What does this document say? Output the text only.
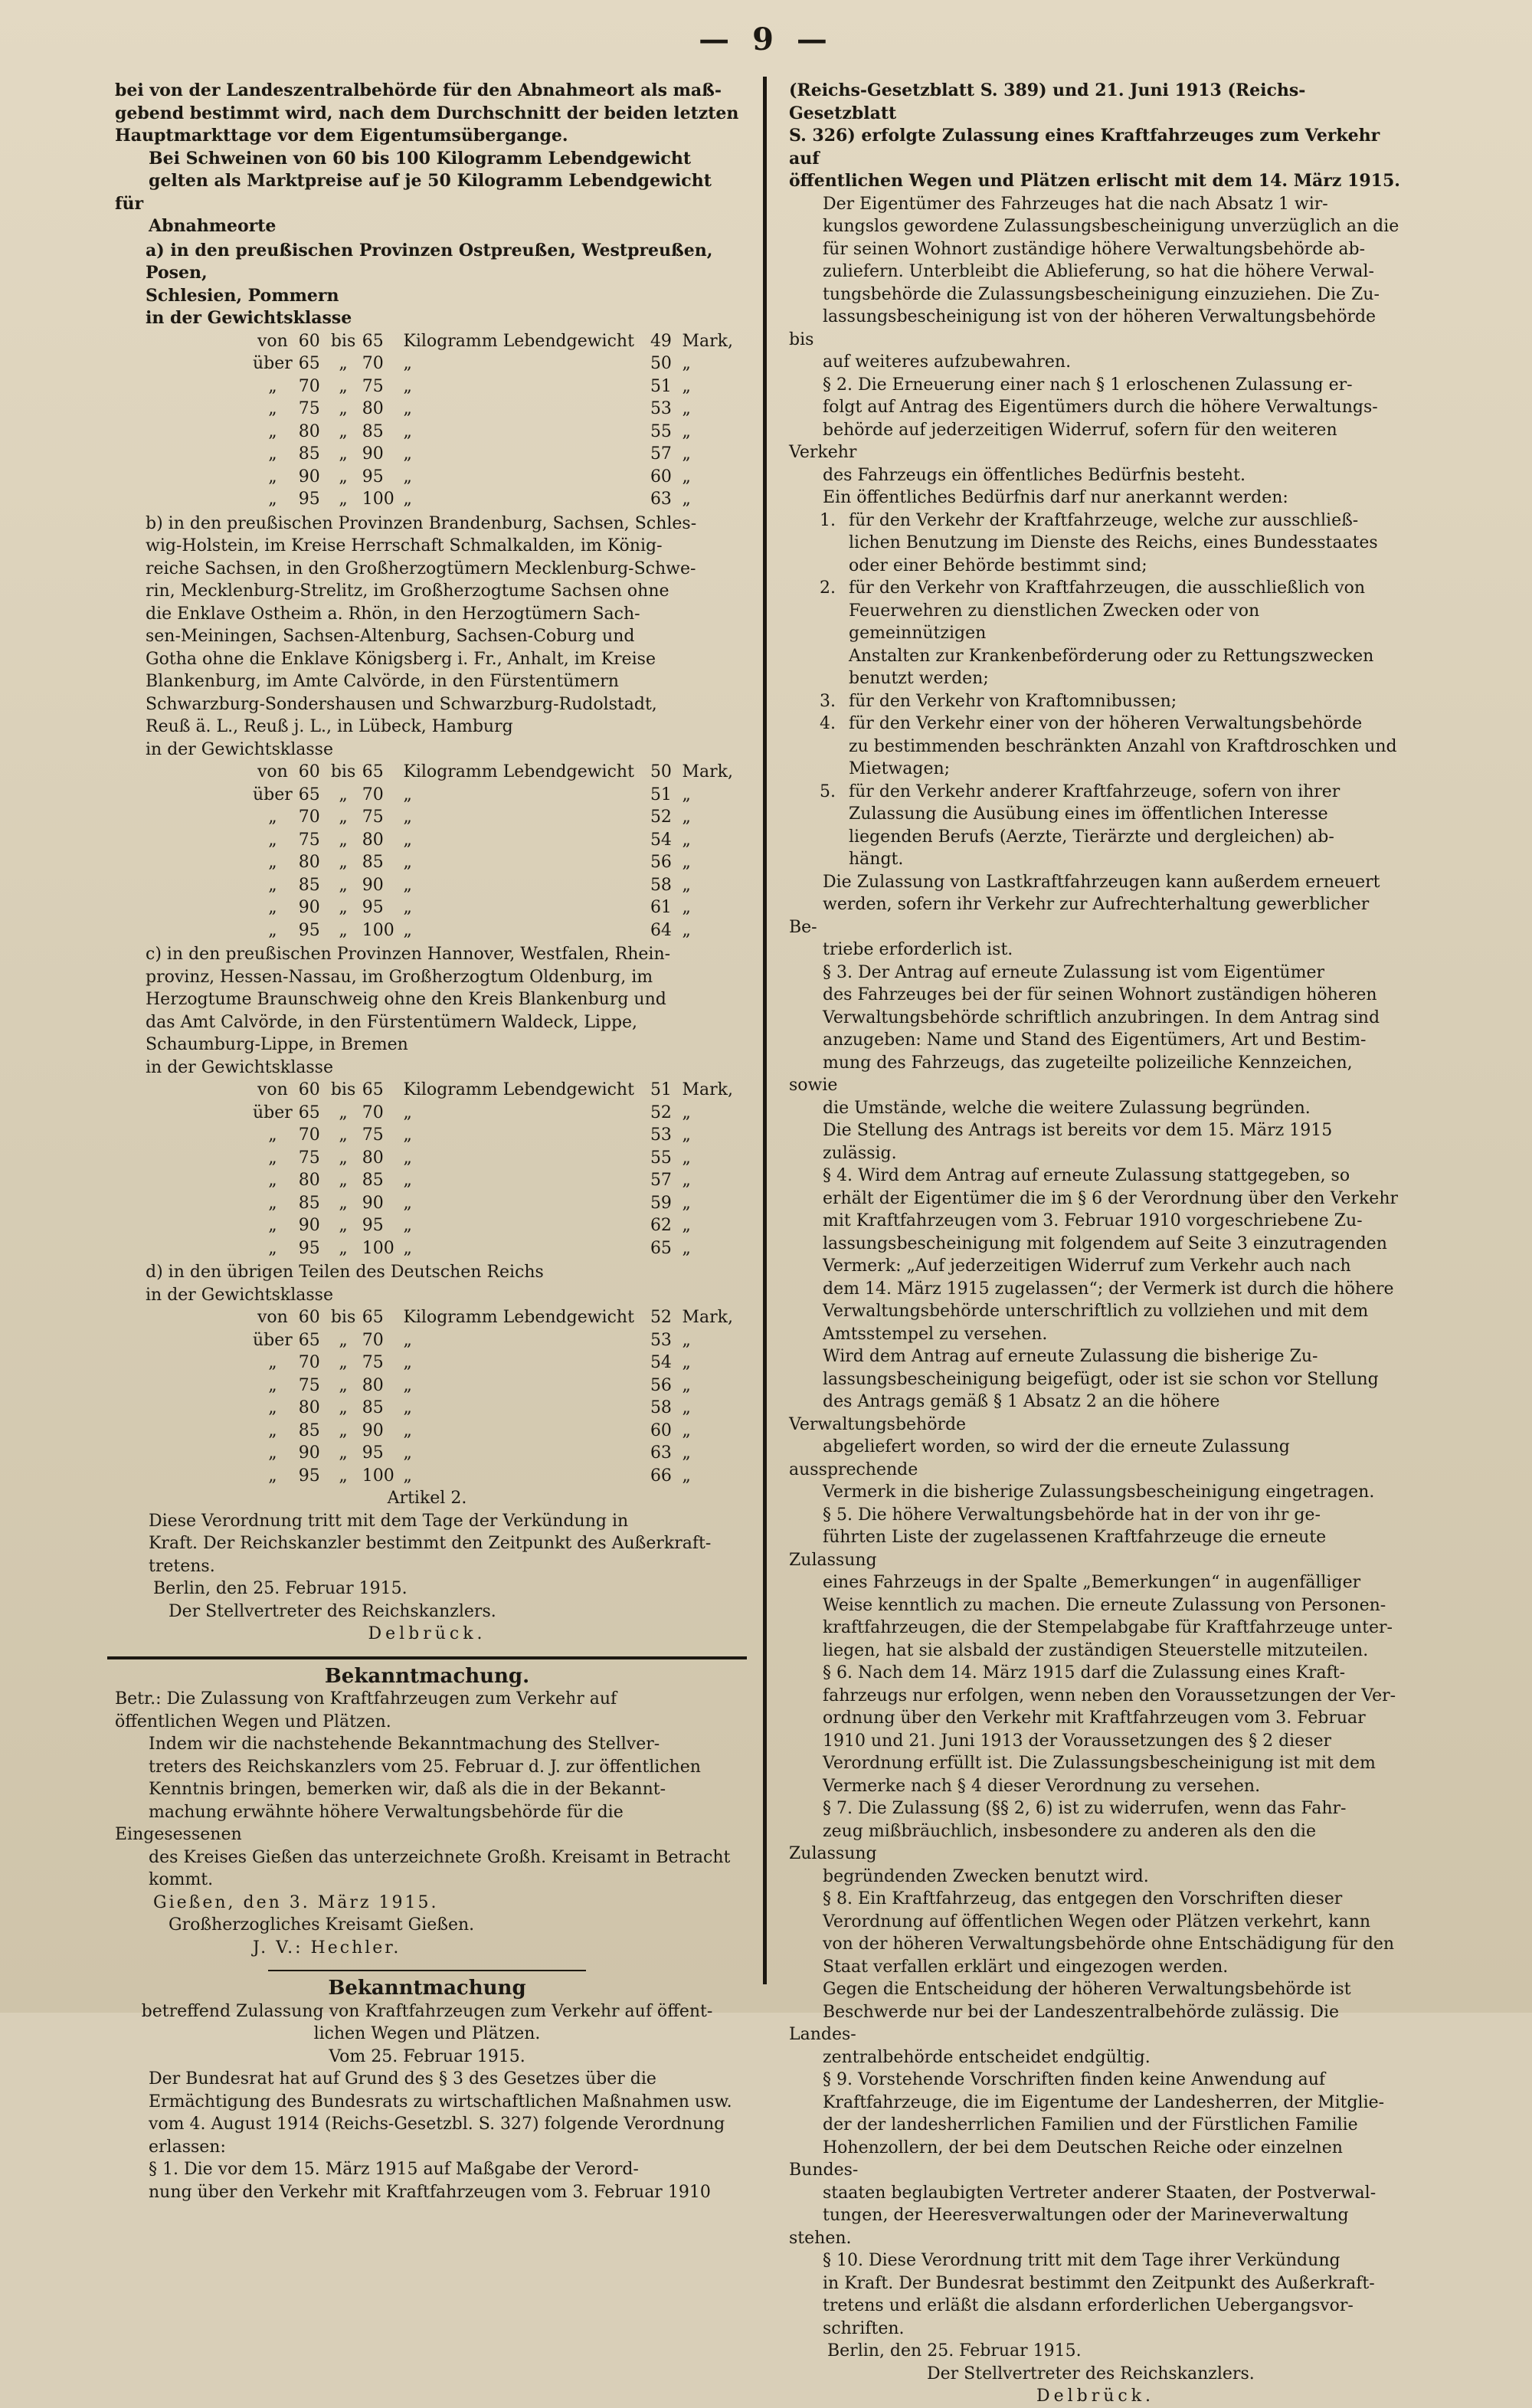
— 9 —
bei von der Landeszentralbehörde für den Abnahmeort als maß-
gebend bestimmt wird, nach dem Durchschnitt der beiden letzten
Hauptmarkttage vor dem Eigentumsübergange.
Bei Schweinen von 60 bis 100 Kilogramm Lebendgewicht
gelten als Marktpreise auf je 50 Kilogramm Lebendgewicht für
Abnahmeorte
a) in den preußischen Provinzen Ostpreußen, Westpreußen, Posen,
Schlesien, Pommern
in der Gewichtsklasse
von	60	bis	65	Kilogramm Lebendgewicht	49	Mark,
über	65	„	70	„	50	„
„	70	„	75	„	51	„
„	75	„	80	„	53	„
„	80	„	85	„	55	„
„	85	„	90	„	57	„
„	90	„	95	„	60	„
„	95	„	100	„	63	„
b) in den preußischen Provinzen Brandenburg, Sachsen, Schles-
wig-Holstein, im Kreise Herrschaft Schmalkalden, im König-
reiche Sachsen, in den Großherzogtümern Mecklenburg-Schwe-
rin, Mecklenburg-Strelitz, im Großherzogtume Sachsen ohne
die Enklave Ostheim a. Rhön, in den Herzogtümern Sach-
sen-Meiningen, Sachsen-Altenburg, Sachsen-Coburg und
Gotha ohne die Enklave Königsberg i. Fr., Anhalt, im Kreise
Blankenburg, im Amte Calvörde, in den Fürstentümern
Schwarzburg-Sondershausen und Schwarzburg-Rudolstadt,
Reuß ä. L., Reuß j. L., in Lübeck, Hamburg
in der Gewichtsklasse
von	60	bis	65	Kilogramm Lebendgewicht	50	Mark,
über	65	„	70	„	51	„
„	70	„	75	„	52	„
„	75	„	80	„	54	„
„	80	„	85	„	56	„
„	85	„	90	„	58	„
„	90	„	95	„	61	„
„	95	„	100	„	64	„
c) in den preußischen Provinzen Hannover, Westfalen, Rhein-
provinz, Hessen-Nassau, im Großherzogtum Oldenburg, im
Herzogtume Braunschweig ohne den Kreis Blankenburg und
das Amt Calvörde, in den Fürstentümern Waldeck, Lippe,
Schaumburg-Lippe, in Bremen
in der Gewichtsklasse
von	60	bis	65	Kilogramm Lebendgewicht	51	Mark,
über	65	„	70	„	52	„
„	70	„	75	„	53	„
„	75	„	80	„	55	„
„	80	„	85	„	57	„
„	85	„	90	„	59	„
„	90	„	95	„	62	„
„	95	„	100	„	65	„
d) in den übrigen Teilen des Deutschen Reichs
in der Gewichtsklasse
von	60	bis	65	Kilogramm Lebendgewicht	52	Mark,
über	65	„	70	„	53	„
„	70	„	75	„	54	„
„	75	„	80	„	56	„
„	80	„	85	„	58	„
„	85	„	90	„	60	„
„	90	„	95	„	63	„
„	95	„	100	„	66	„

Artikel 2.

Diese Verordnung tritt mit dem Tage der Verkündung in
Kraft. Der Reichskanzler bestimmt den Zeitpunkt des Außerkraft-
tretens.

Berlin, den 25. Februar 1915.

Der Stellvertreter des Reichskanzlers.

Delbrück.

Bekanntmachung.

Betr.: Die Zulassung von Kraftfahrzeugen zum Verkehr auf
öffentlichen Wegen und Plätzen.
Indem wir die nachstehende Bekanntmachung des Stellver-
treters des Reichskanzlers vom 25. Februar d. J. zur öffentlichen
Kenntnis bringen, bemerken wir, daß als die in der Bekannt-
machung erwähnte höhere Verwaltungsbehörde für die Eingesessenen
des Kreises Gießen das unterzeichnete Großh. Kreisamt in Betracht
kommt.

Gießen, den 3. März 1915.

Großherzogliches Kreisamt Gießen.

J. V.: Hechler.

Bekanntmachung

betreffend Zulassung von Kraftfahrzeugen zum Verkehr auf öffent-
lichen Wegen und Plätzen.

Vom 25. Februar 1915.

Der Bundesrat hat auf Grund des § 3 des Gesetzes über die
Ermächtigung des Bundesrats zu wirtschaftlichen Maßnahmen usw.
vom 4. August 1914 (Reichs-Gesetzbl. S. 327) folgende Verordnung
erlassen:
§ 1. Die vor dem 15. März 1915 auf Maßgabe der Verord-
nung über den Verkehr mit Kraftfahrzeugen vom 3. Februar 1910
(Reichs-Gesetzblatt S. 389) und 21. Juni 1913 (Reichs-Gesetzblatt
S. 326) erfolgte Zulassung eines Kraftfahrzeuges zum Verkehr auf
öffentlichen Wegen und Plätzen erlischt mit dem 14. März 1915.
Der Eigentümer des Fahrzeuges hat die nach Absatz 1 wir-
kungslos gewordene Zulassungsbescheinigung unverzüglich an die
für seinen Wohnort zuständige höhere Verwaltungsbehörde ab-
zuliefern. Unterbleibt die Ablieferung, so hat die höhere Verwal-
tungsbehörde die Zulassungsbescheinigung einzuziehen. Die Zu-
lassungsbescheinigung ist von der höheren Verwaltungsbehörde bis
auf weiteres aufzubewahren.
§ 2. Die Erneuerung einer nach § 1 erloschenen Zulassung er-
folgt auf Antrag des Eigentümers durch die höhere Verwaltungs-
behörde auf jederzeitigen Widerruf, sofern für den weiteren Verkehr
des Fahrzeugs ein öffentliches Bedürfnis besteht.

Ein öffentliches Bedürfnis darf nur anerkannt werden:

1. für den Verkehr der Kraftfahrzeuge, welche zur ausschließ-
lichen Benutzung im Dienste des Reichs, eines Bundesstaates
oder einer Behörde bestimmt sind;
2. für den Verkehr von Kraftfahrzeugen, die ausschließlich von
Feuerwehren zu dienstlichen Zwecken oder von gemeinnützigen
Anstalten zur Krankenbeförderung oder zu Rettungszwecken
benutzt werden;
3. für den Verkehr von Kraftomnibussen;
4. für den Verkehr einer von der höheren Verwaltungsbehörde
zu bestimmenden beschränkten Anzahl von Kraftdroschken und
Mietwagen;
5. für den Verkehr anderer Kraftfahrzeuge, sofern von ihrer
Zulassung die Ausübung eines im öffentlichen Interesse
liegenden Berufs (Aerzte, Tierärzte und dergleichen) ab-
hängt.
Die Zulassung von Lastkraftfahrzeugen kann außerdem erneuert
werden, sofern ihr Verkehr zur Aufrechterhaltung gewerblicher Be-
triebe erforderlich ist.
§ 3. Der Antrag auf erneute Zulassung ist vom Eigentümer
des Fahrzeuges bei der für seinen Wohnort zuständigen höheren
Verwaltungsbehörde schriftlich anzubringen. In dem Antrag sind
anzugeben: Name und Stand des Eigentümers, Art und Bestim-
mung des Fahrzeugs, das zugeteilte polizeiliche Kennzeichen, sowie
die Umstände, welche die weitere Zulassung begründen.
Die Stellung des Antrags ist bereits vor dem 15. März 1915
zulässig.
§ 4. Wird dem Antrag auf erneute Zulassung stattgegeben, so
erhält der Eigentümer die im § 6 der Verordnung über den Verkehr
mit Kraftfahrzeugen vom 3. Februar 1910 vorgeschriebene Zu-
lassungsbescheinigung mit folgendem auf Seite 3 einzutragenden
Vermerk: „Auf jederzeitigen Widerruf zum Verkehr auch nach
dem 14. März 1915 zugelassen“; der Vermerk ist durch die höhere
Verwaltungsbehörde unterschriftlich zu vollziehen und mit dem
Amtsstempel zu versehen.
Wird dem Antrag auf erneute Zulassung die bisherige Zu-
lassungsbescheinigung beigefügt, oder ist sie schon vor Stellung
des Antrags gemäß § 1 Absatz 2 an die höhere Verwaltungsbehörde
abgeliefert worden, so wird der die erneute Zulassung aussprechende
Vermerk in die bisherige Zulassungsbescheinigung eingetragen.
§ 5. Die höhere Verwaltungsbehörde hat in der von ihr ge-
führten Liste der zugelassenen Kraftfahrzeuge die erneute Zulassung
eines Fahrzeugs in der Spalte „Bemerkungen“ in augenfälliger
Weise kenntlich zu machen. Die erneute Zulassung von Personen-
kraftfahrzeugen, die der Stempelabgabe für Kraftfahrzeuge unter-
liegen, hat sie alsbald der zuständigen Steuerstelle mitzuteilen.
§ 6. Nach dem 14. März 1915 darf die Zulassung eines Kraft-
fahrzeugs nur erfolgen, wenn neben den Voraussetzungen der Ver-
ordnung über den Verkehr mit Kraftfahrzeugen vom 3. Februar
1910 und 21. Juni 1913 der Voraussetzungen des § 2 dieser
Verordnung erfüllt ist. Die Zulassungsbescheinigung ist mit dem
Vermerke nach § 4 dieser Verordnung zu versehen.
§ 7. Die Zulassung (§§ 2, 6) ist zu widerrufen, wenn das Fahr-
zeug mißbräuchlich, insbesondere zu anderen als den die Zulassung
begründenden Zwecken benutzt wird.
§ 8. Ein Kraftfahrzeug, das entgegen den Vorschriften dieser
Verordnung auf öffentlichen Wegen oder Plätzen verkehrt, kann
von der höheren Verwaltungsbehörde ohne Entschädigung für den
Staat verfallen erklärt und eingezogen werden.
Gegen die Entscheidung der höheren Verwaltungsbehörde ist
Beschwerde nur bei der Landeszentralbehörde zulässig. Die Landes-
zentralbehörde entscheidet endgültig.
§ 9. Vorstehende Vorschriften finden keine Anwendung auf
Kraftfahrzeuge, die im Eigentume der Landesherren, der Mitglie-
der der landesherrlichen Familien und der Fürstlichen Familie
Hohenzollern, der bei dem Deutschen Reiche oder einzelnen Bundes-
staaten beglaubigten Vertreter anderer Staaten, der Postverwal-
tungen, der Heeresverwaltungen oder der Marineverwaltung stehen.
§ 10. Diese Verordnung tritt mit dem Tage ihrer Verkündung
in Kraft. Der Bundesrat bestimmt den Zeitpunkt des Außerkraft-
tretens und erläßt die alsdann erforderlichen Uebergangsvor-
schriften.

Berlin, den 25. Februar 1915.

Der Stellvertreter des Reichskanzlers.

Delbrück.
